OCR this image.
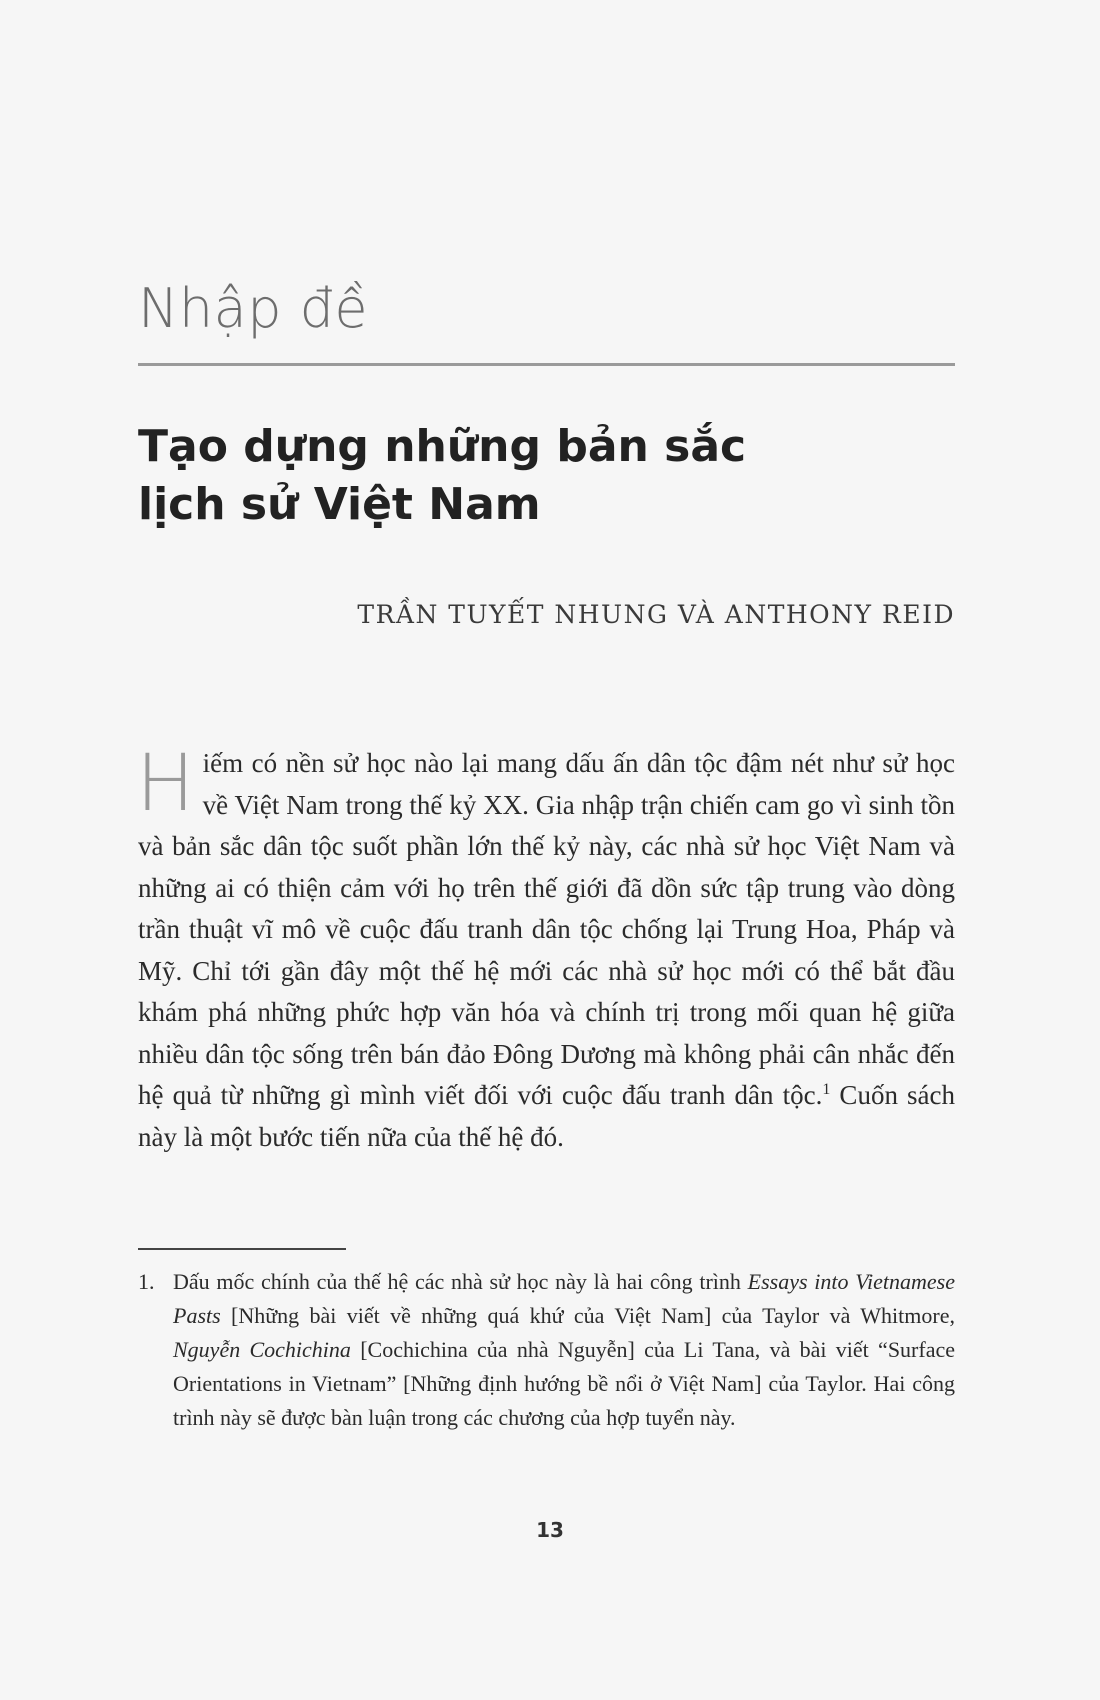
Nhập đề
Tạo dựng những bản sắc
lịch sử Việt Nam
TRẦN TUYẾT NHUNG VÀ ANTHONY REID

Hiếm có nền sử học nào lại mang dấu ấn dân tộc đậm nét như sử học về Việt Nam trong thế kỷ XX. Gia nhập trận chiến cam go vì sinh tồn và bản sắc dân tộc suốt phần lớn thế kỷ này, các nhà sử học Việt Nam và những ai có thiện cảm với họ trên thế giới đã dồn sức tập trung vào dòng trần thuật vĩ mô về cuộc đấu tranh dân tộc chống lại Trung Hoa, Pháp và Mỹ. Chỉ tới gần đây một thế hệ mới các nhà sử học mới có thể bắt đầu khám phá những phức hợp văn hóa và chính trị trong mối quan hệ giữa nhiều dân tộc sống trên bán đảo Đông Dương mà không phải cân nhắc đến hệ quả từ những gì mình viết đối với cuộc đấu tranh dân tộc.$^1$ Cuốn sách này là một bước tiến nữa của thế hệ đó.

1. Dấu mốc chính của thế hệ các nhà sử học này là hai công trình Essays into Vietnamese Pasts [Những bài viết về những quá khứ của Việt Nam] của Taylor và Whitmore, Nguyễn Cochichina [Cochichina của nhà Nguyễn] của Li Tana, và bài viết “Surface Orientations in Vietnam” [Những định hướng bề nổi ở Việt Nam] của Taylor. Hai công trình này sẽ được bàn luận trong các chương của hợp tuyển này.
13
